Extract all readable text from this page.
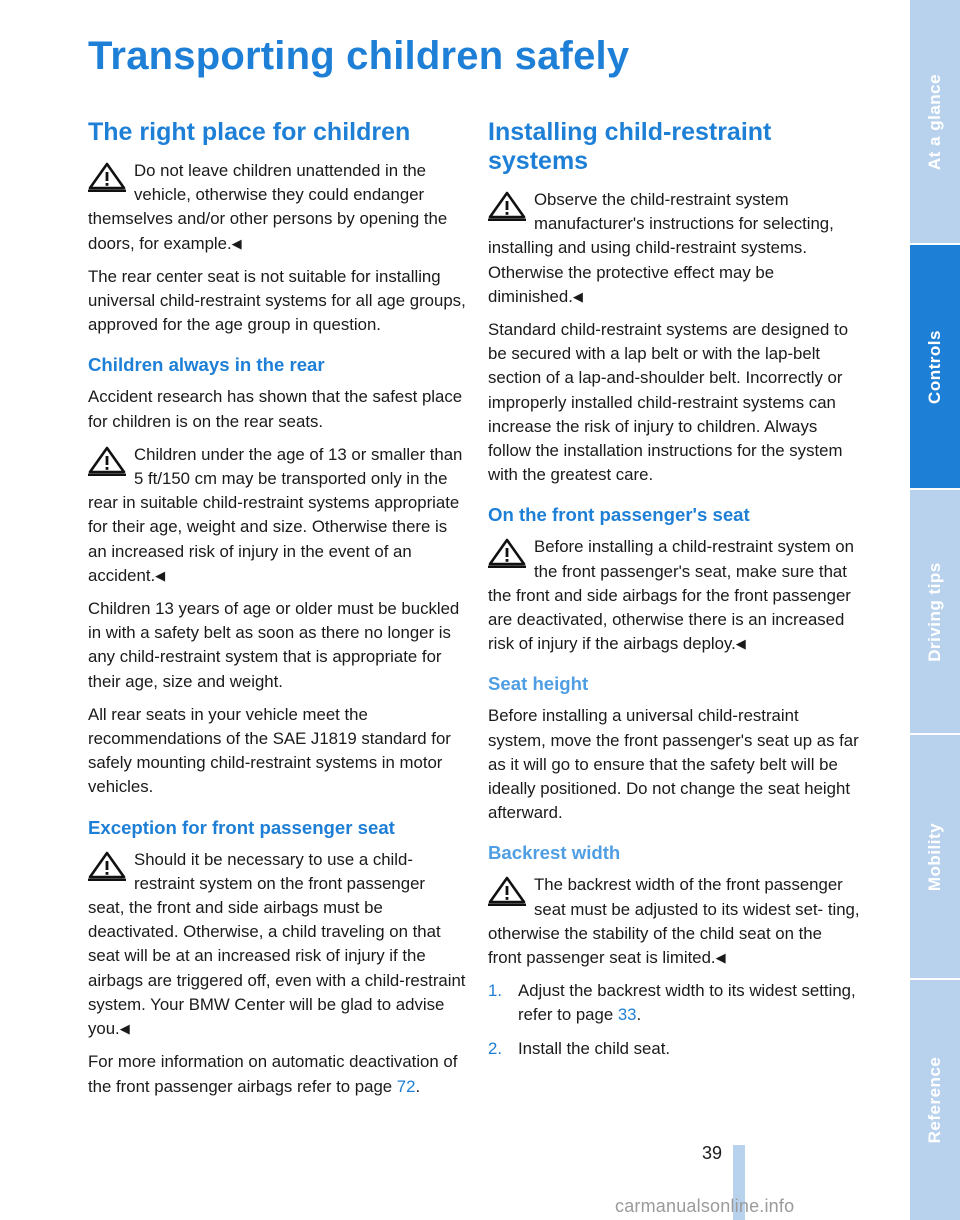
Transporting children safely
The right place for children
Do not leave children unattended in the vehicle, otherwise they could endanger themselves and/or other persons by opening the doors, for example.◀

The rear center seat is not suitable for installing universal child-restraint systems for all age groups, approved for the age group in question.

Children always in the rear

Accident research has shown that the safest place for children is on the rear seats.

Children under the age of 13 or smaller than 5 ft/150 cm may be transported only in the rear in suitable child-restraint systems appropriate for their age, weight and size. Otherwise there is an increased risk of injury in the event of an accident.◀

Children 13 years of age or older must be buckled in with a safety belt as soon as there no longer is any child-restraint system that is appropriate for their age, size and weight.

All rear seats in your vehicle meet the recommendations of the SAE J1819 standard for safely mounting child-restraint systems in motor vehicles.

Exception for front passenger seat
Should it be necessary to use a child-restraint system on the front passenger seat, the front and side airbags must be deactivated. Otherwise, a child traveling on that seat will be at an increased risk of injury if the airbags are triggered off, even with a child-restraint system. Your BMW Center will be glad to advise you.◀

For more information on automatic deactivation of the front passenger airbags refer to page 72.

Installing child-restraint systems
Observe the child-restraint system manufacturer's instructions for selecting, installing and using child-restraint systems. Otherwise the protective effect may be diminished.◀

Standard child-restraint systems are designed to be secured with a lap belt or with the lap-belt section of a lap-and-shoulder belt. Incorrectly or improperly installed child-restraint systems can increase the risk of injury to children. Always follow the installation instructions for the system with the greatest care.

On the front passenger's seat
Before installing a child-restraint system on the front passenger's seat, make sure that the front and side airbags for the front passenger are deactivated, otherwise there is an increased risk of injury if the airbags deploy.◀
Seat height

Before installing a universal child-restraint system, move the front passenger's seat up as far as it will go to ensure that the safety belt will be ideally positioned. Do not change the seat height afterward.

Backrest width
The backrest width of the front passenger seat must be adjusted to its widest set- ting, otherwise the stability of the child seat on the front passenger seat is limited.◀
1. Adjust the backrest width to its widest setting, refer to page 33.
2. Install the child seat.
39
At a glance
Controls
Driving tips
Mobility
Reference
carmanualsonline.info
